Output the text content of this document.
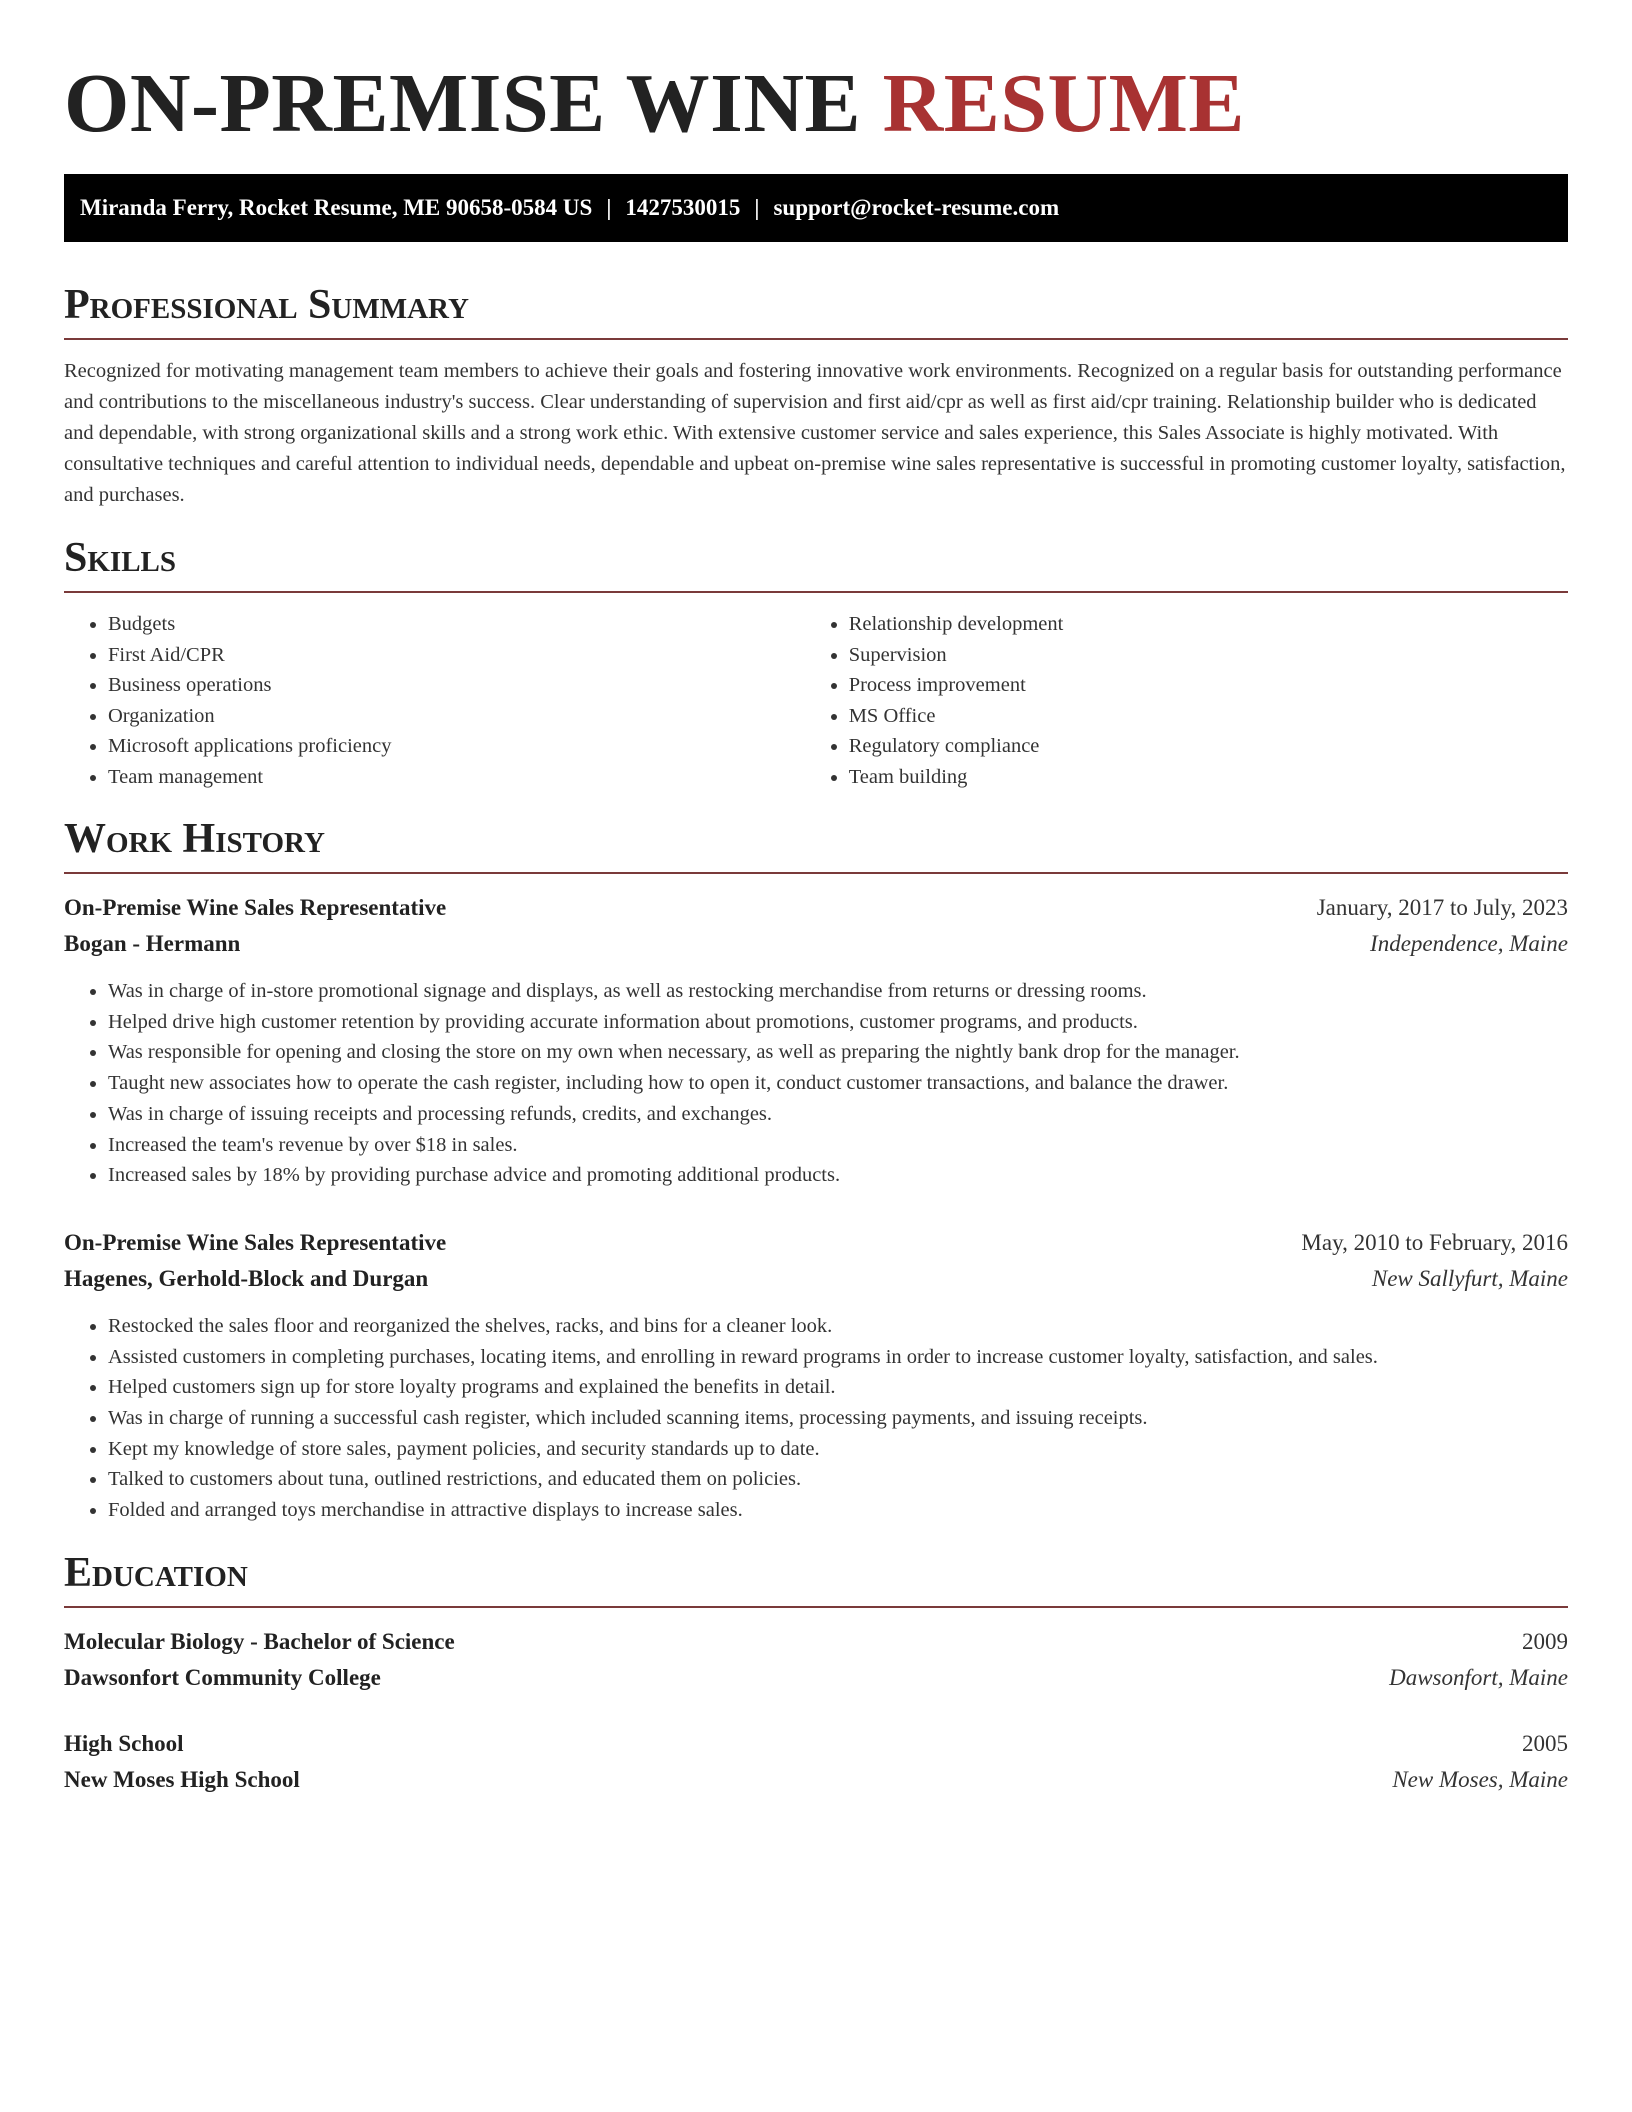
ON-PREMISE WINE RESUME
Miranda Ferry, Rocket Resume, ME 90658-0584 US | 1427530015 | support@rocket-resume.com
Professional Summary
Recognized for motivating management team members to achieve their goals and fostering innovative work environments. Recognized on a regular basis for outstanding performance and contributions to the miscellaneous industry's success. Clear understanding of supervision and first aid/cpr as well as first aid/cpr training. Relationship builder who is dedicated and dependable, with strong organizational skills and a strong work ethic. With extensive customer service and sales experience, this Sales Associate is highly motivated. With consultative techniques and careful attention to individual needs, dependable and upbeat on-premise wine sales representative is successful in promoting customer loyalty, satisfaction, and purchases.
Skills
• Budgets
• First Aid/CPR
• Business operations
• Organization
• Microsoft applications proficiency
• Team management
• Relationship development
• Supervision
• Process improvement
• MS Office
• Regulatory compliance
• Team building
Work History
On-Premise Wine Sales Representative	January, 2017 to July, 2023
Bogan - Hermann	Independence, Maine
• Was in charge of in-store promotional signage and displays, as well as restocking merchandise from returns or dressing rooms.
• Helped drive high customer retention by providing accurate information about promotions, customer programs, and products.
• Was responsible for opening and closing the store on my own when necessary, as well as preparing the nightly bank drop for the manager.
• Taught new associates how to operate the cash register, including how to open it, conduct customer transactions, and balance the drawer.
• Was in charge of issuing receipts and processing refunds, credits, and exchanges.
• Increased the team's revenue by over $18 in sales.
• Increased sales by 18% by providing purchase advice and promoting additional products.
On-Premise Wine Sales Representative	May, 2010 to February, 2016
Hagenes, Gerhold-Block and Durgan	New Sallyfurt, Maine
• Restocked the sales floor and reorganized the shelves, racks, and bins for a cleaner look.
• Assisted customers in completing purchases, locating items, and enrolling in reward programs in order to increase customer loyalty, satisfaction, and sales.
• Helped customers sign up for store loyalty programs and explained the benefits in detail.
• Was in charge of running a successful cash register, which included scanning items, processing payments, and issuing receipts.
• Kept my knowledge of store sales, payment policies, and security standards up to date.
• Talked to customers about tuna, outlined restrictions, and educated them on policies.
• Folded and arranged toys merchandise in attractive displays to increase sales.
Education
Molecular Biology - Bachelor of Science	2009
Dawsonfort Community College	Dawsonfort, Maine
High School	2005
New Moses High School	New Moses, Maine
